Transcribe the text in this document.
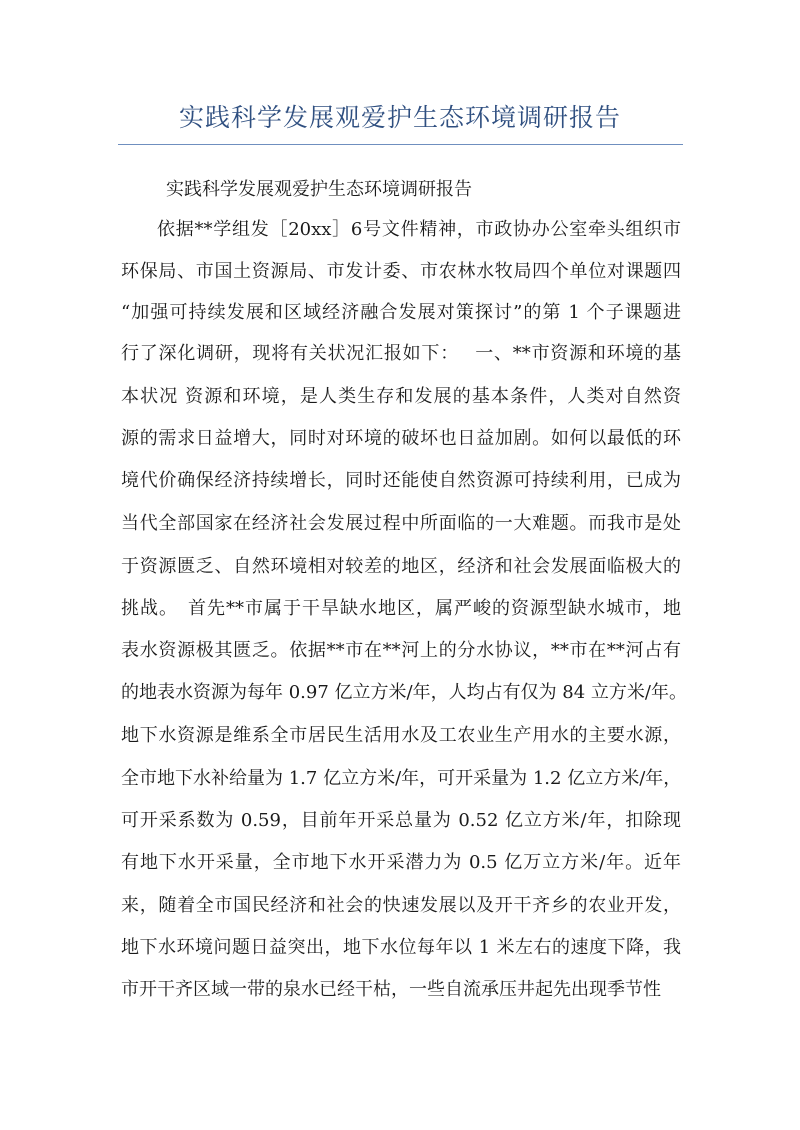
实践科学发展观爱护生态环境调研报告
实践科学发展观爱护生态环境调研报告
依据**学组发［20xx］6号文件精神，市政协办公室牵头组织市
环保局、市国土资源局、市发计委、市农林水牧局四个单位对课题四
“加强可持续发展和区域经济融合发展对策探讨”的第 1 个子课题进
行了深化调研，现将有关状况汇报如下：　 一、**市资源和环境的基
本状况 资源和环境，是人类生存和发展的基本条件，人类对自然资
源的需求日益增大，同时对环境的破坏也日益加剧。如何以最低的环
境代价确保经济持续增长，同时还能使自然资源可持续利用，已成为
当代全部国家在经济社会发展过程中所面临的一大难题。而我市是处
于资源匮乏、自然环境相对较差的地区，经济和社会发展面临极大的
挑战。　首先**市属于干旱缺水地区，属严峻的资源型缺水城市，地
表水资源极其匮乏。依据**市在**河上的分水协议，**市在**河占有
的地表水资源为每年 0.97 亿立方米/年，人均占有仅为 84 立方米/年。
地下水资源是维系全市居民生活用水及工农业生产用水的主要水源，
全市地下水补给量为 1.7 亿立方米/年，可开采量为 1.2 亿立方米/年，
可开采系数为 0.59，目前年开采总量为 0.52 亿立方米/年，扣除现
有地下水开采量，全市地下水开采潜力为 0.5 亿万立方米/年。近年
来，随着全市国民经济和社会的快速发展以及开干齐乡的农业开发，
地下水环境问题日益突出，地下水位每年以 1 米左右的速度下降，我
市开干齐区域一带的泉水已经干枯，一些自流承压井起先出现季节性
